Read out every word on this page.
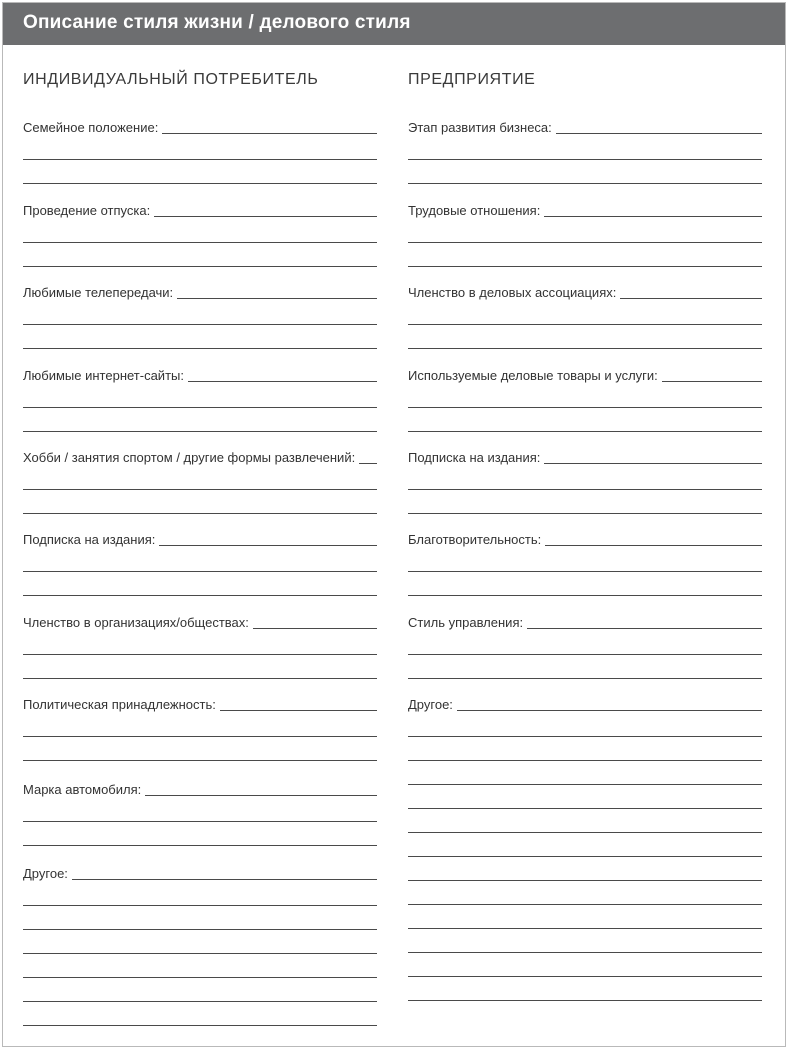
Описание стиля жизни / делового стиля
ИНДИВИДУАЛЬНЫЙ ПОТРЕБИТЕЛЬ
Семейное положение:
Проведение отпуска:
Любимые телепередачи:
Любимые интернет-сайты:
Хобби / занятия спортом / другие формы развлечений:
Подписка на издания:
Членство в организациях/обществах:
Политическая принадлежность:
Марка автомобиля:
Другое:
ПРЕДПРИЯТИЕ
Этап развития бизнеса:
Трудовые отношения:
Членство в деловых ассоциациях:
Используемые деловые товары и услуги:
Подписка на издания:
Благотворительность:
Стиль управления:
Другое:
